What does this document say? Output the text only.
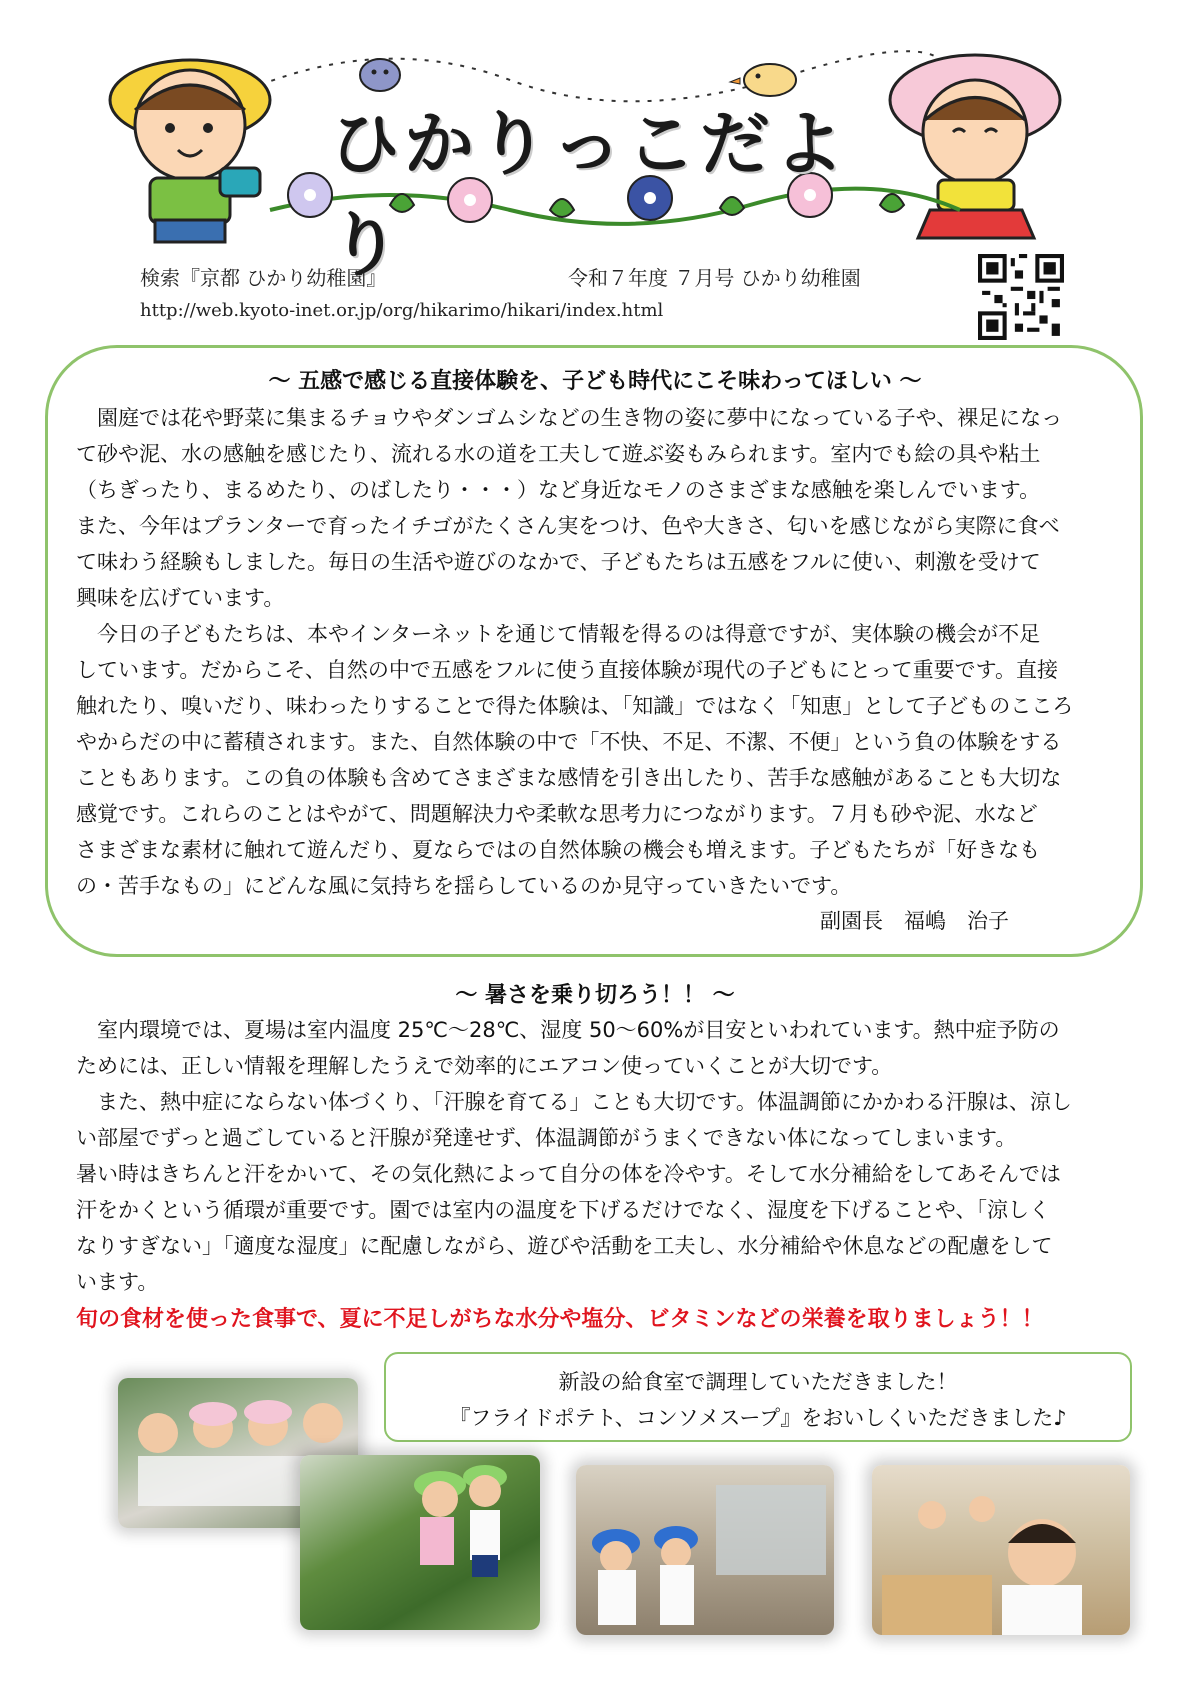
ひかりっこだより
検索『京都 ひかり幼稚園』
http://web.kyoto-inet.or.jp/org/hikarimo/hikari/index.html
令和７年度 ７月号 ひかり幼稚園
～ 五感で感じる直接体験を、子ども時代にこそ味わってほしい ～
　園庭では花や野菜に集まるチョウやダンゴムシなどの生き物の姿に夢中になっている子や、裸足になっ
て砂や泥、水の感触を感じたり、流れる水の道を工夫して遊ぶ姿もみられます。室内でも絵の具や粘土
（ちぎったり、まるめたり、のばしたり・・・）など身近なモノのさまざまな感触を楽しんでいます。
また、今年はプランターで育ったイチゴがたくさん実をつけ、色や大きさ、匂いを感じながら実際に食べ
て味わう経験もしました。毎日の生活や遊びのなかで、子どもたちは五感をフルに使い、刺激を受けて
興味を広げています。
　今日の子どもたちは、本やインターネットを通じて情報を得るのは得意ですが、実体験の機会が不足
しています。だからこそ、自然の中で五感をフルに使う直接体験が現代の子どもにとって重要です。直接
触れたり、嗅いだり、味わったりすることで得た体験は、「知識」ではなく「知恵」として子どものこころ
やからだの中に蓄積されます。また、自然体験の中で「不快、不足、不潔、不便」という負の体験をする
こともあります。この負の体験も含めてさまざまな感情を引き出したり、苦手な感触があることも大切な
感覚です。これらのことはやがて、問題解決力や柔軟な思考力につながります。７月も砂や泥、水など
さまざまな素材に触れて遊んだり、夏ならではの自然体験の機会も増えます。子どもたちが「好きなも
の・苦手なもの」にどんな風に気持ちを揺らしているのか見守っていきたいです。
副園長　福嶋　治子
～ 暑さを乗り切ろう！！ ～
　室内環境では、夏場は室内温度 25℃～28℃、湿度 50～60%が目安といわれています。熱中症予防の
ためには、正しい情報を理解したうえで効率的にエアコン使っていくことが大切です。
　また、熱中症にならない体づくり、「汗腺を育てる」ことも大切です。体温調節にかかわる汗腺は、涼し
い部屋でずっと過ごしていると汗腺が発達せず、体温調節がうまくできない体になってしまいます。
暑い時はきちんと汗をかいて、その気化熱によって自分の体を冷やす。そして水分補給をしてあそんでは
汗をかくという循環が重要です。園では室内の温度を下げるだけでなく、湿度を下げることや、「涼しく
なりすぎない」「適度な湿度」に配慮しながら、遊びや活動を工夫し、水分補給や休息などの配慮をして
います。
旬の食材を使った食事で、夏に不足しがちな水分や塩分、ビタミンなどの栄養を取りましょう！！
新設の給食室で調理していただきました！
『フライドポテト、コンソメスープ』をおいしくいただきました♪
